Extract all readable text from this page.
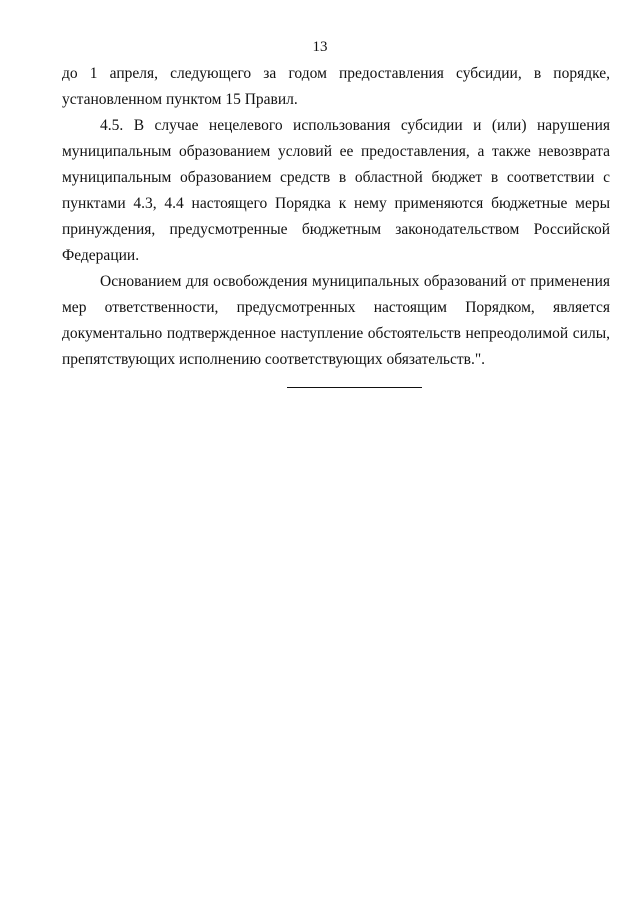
13

до 1 апреля, следующего за годом предоставления субсидии, в порядке, установленном пунктом 15 Правил.

4.5. В случае нецелевого использования субсидии и (или) нарушения муниципальным образованием условий ее предоставления, а также невозврата муниципальным образованием средств в областной бюджет в соответствии с пунктами 4.3, 4.4 настоящего Порядка к нему применяются бюджетные меры принуждения, предусмотренные бюджетным законодательством Российской Федерации.

Основанием для освобождения муниципальных образований от применения мер ответственности, предусмотренных настоящим Порядком, является документально подтвержденное наступление обстоятельств непреодолимой силы, препятствующих исполнению соответствующих обязательств.".
